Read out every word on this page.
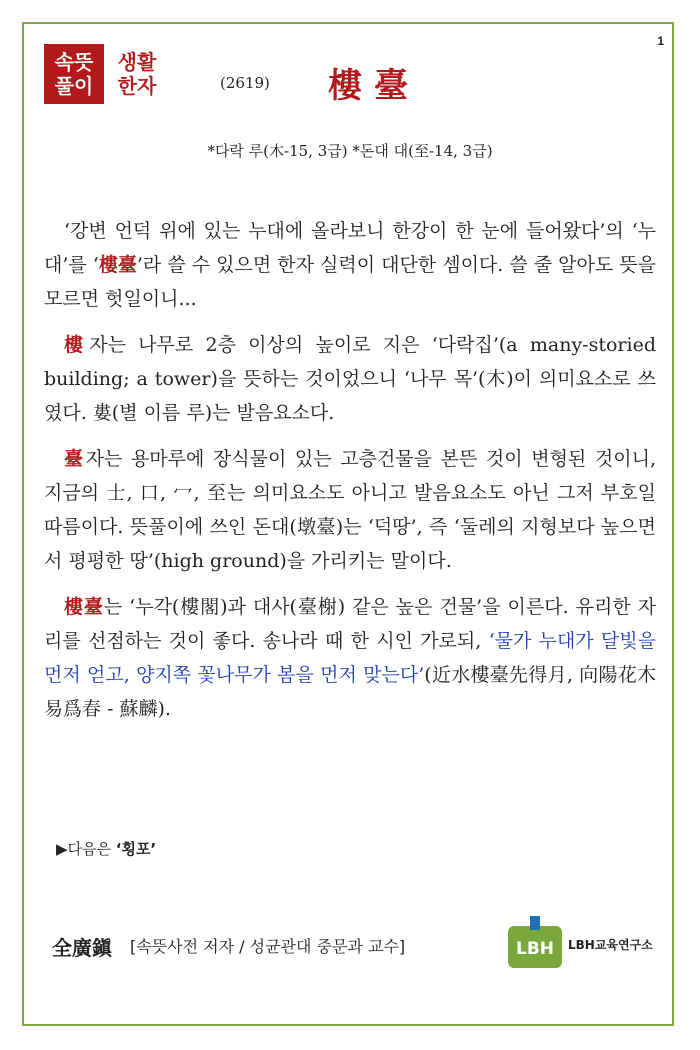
1
속뜻
풀이
생활
한자	(2619) 樓臺
*다락 루(木-15, 3급) *돈대 대(至-14, 3급)

‘강변 언덕 위에 있는 누대에 올라보니 한강이 한 눈에 들어왔다’의 ‘누대’를 ‘樓臺’라 쓸 수 있으면 한자 실력이 대단한 셈이다. 쓸 줄 알아도 뜻을 모르면 헛일이니...

樓자는 나무로 2층 이상의 높이로 지은 ‘다락집’(a many-storied building; a tower)을 뜻하는 것이었으니 ‘나무 목’(木)이 의미요소로 쓰였다. 婁(별 이름 루)는 발음요소다.

臺자는 용마루에 장식물이 있는 고층건물을 본뜬 것이 변형된 것이니, 지금의 士, 口, 冖, 至는 의미요소도 아니고 발음요소도 아닌 그저 부호일 따름이다. 뜻풀이에 쓰인 돈대(墩臺)는 ‘덕땅’, 즉 ‘둘레의 지형보다 높으면서 평평한 땅’(high ground)을 가리키는 말이다.

樓臺는 ‘누각(樓閣)과 대사(臺榭) 같은 높은 건물’을 이른다. 유리한 자리를 선점하는 것이 좋다. 송나라 때 한 시인 가로되, ‘물가 누대가 달빛을 먼저 얻고, 양지쪽 꽃나무가 봄을 먼저 맞는다’(近水樓臺先得月, 向陽花木易爲春 - 蘇麟).

▶다음은 ‘횡포’
全廣鎭 [속뜻사전 저자 / 성균관대 중문과 교수]	LBH LBH교육연구소
